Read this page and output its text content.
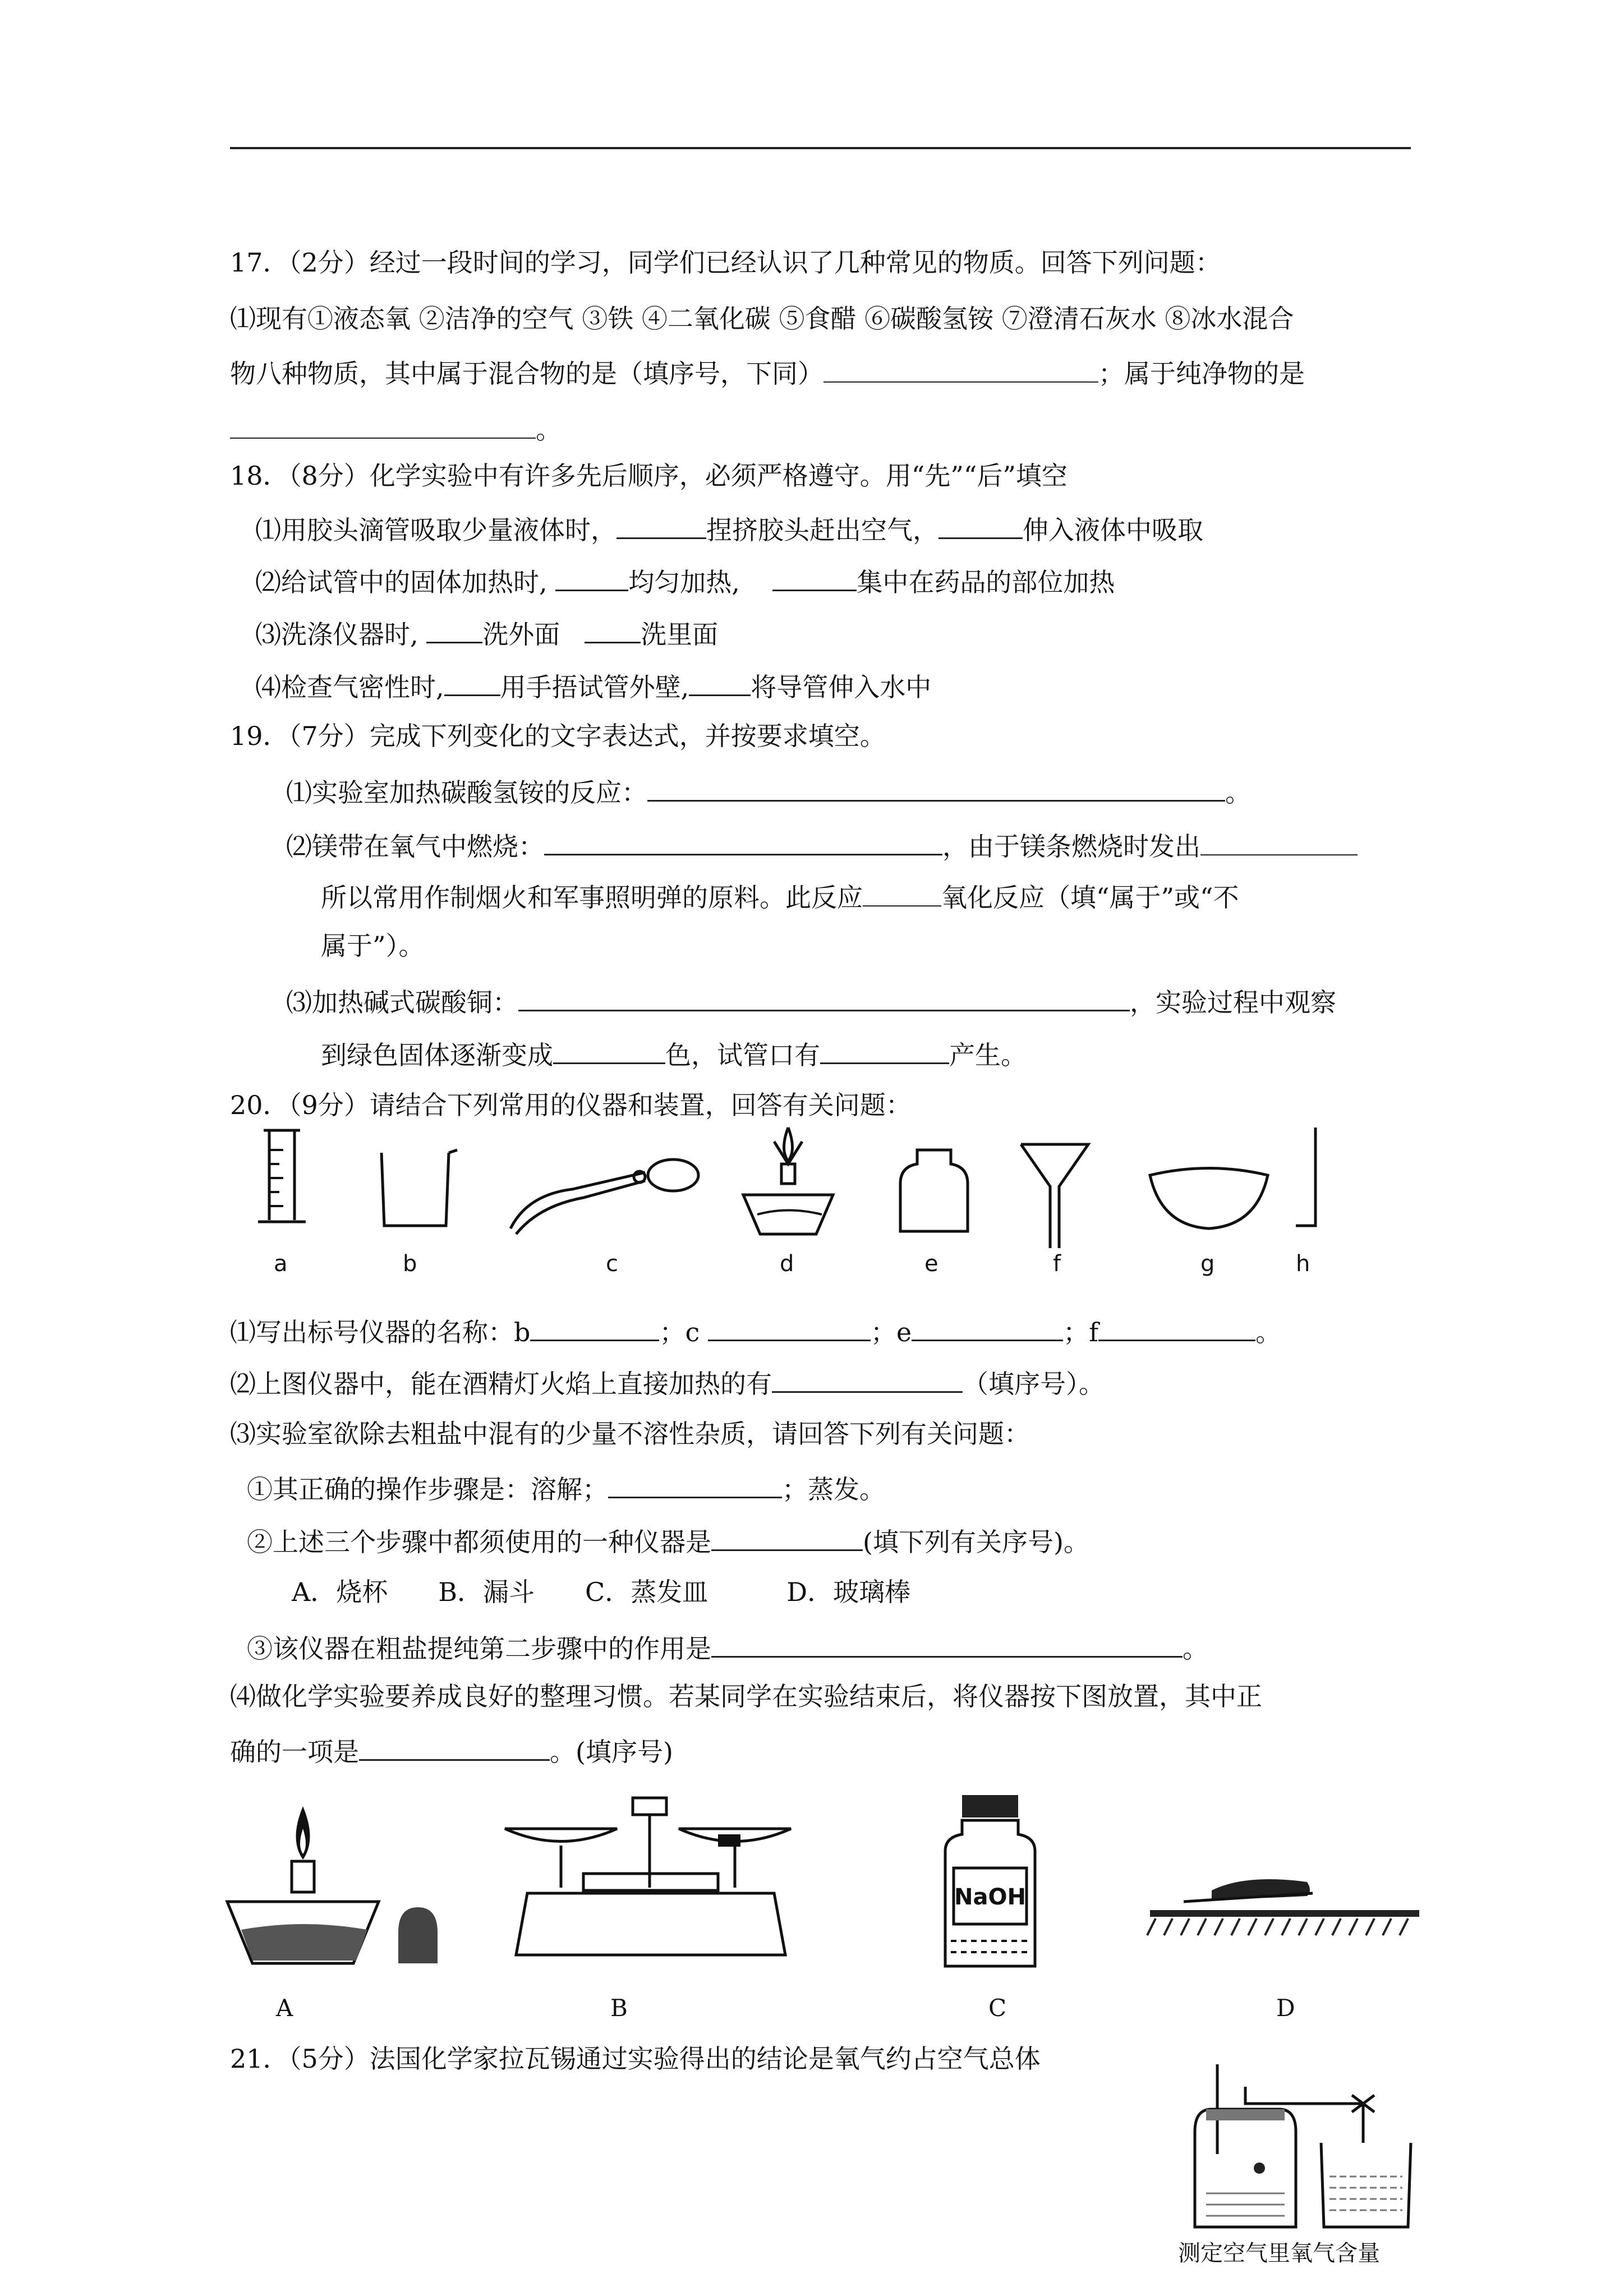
17．（2分）经过一段时间的学习，同学们已经认识了几种常见的物质。回答下列问题：
⑴现有①液态氧 ②洁净的空气 ③铁 ④二氧化碳 ⑤食醋 ⑥碳酸氢铵 ⑦澄清石灰水 ⑧冰水混合
物八种物质，其中属于混合物的是（填序号，下同）	；属于纯净物的是
。
18．（8分）化学实验中有许多先后顺序，必须严格遵守。用“先”“后”填空
⑴用胶头滴管吸取少量液体时，	捏挤胶头赶出空气，	伸入液体中吸取
⑵给试管中的固体加热时,	均匀加热,	集中在药品的部位加热
⑶洗涤仪器时, 洗外面	洗里面
⑷检查气密性时, 用手捂试管外壁, 将导管伸入水中
19．（7分）完成下列变化的文字表达式，并按要求填空。
⑴实验室加热碳酸氢铵的反应：	。
⑵镁带在氧气中燃烧：	，由于镁条燃烧时发出
所以常用作制烟火和军事照明弹的原料。此反应	氧化反应（填“属于”或“不
属于”）。
⑶加热碱式碳酸铜：	，实验过程中观察
到绿色固体逐渐变成	色，试管口有	产生。
20．（9分）请结合下列常用的仪器和装置，回答有关问题：
a	b	c	d	e	f	g	h
⑴写出标号仪器的名称：b	；c	；e	；f	。
⑵上图仪器中，能在酒精灯火焰上直接加热的有	（填序号）。
⑶实验室欲除去粗盐中混有的少量不溶性杂质，请回答下列有关问题：
①其正确的操作步骤是：溶解；	；蒸发。
②上述三个步骤中都须使用的一种仪器是	(填下列有关序号)。
A．烧杯 B．漏斗 C．蒸发皿	D．玻璃棒
③该仪器在粗盐提纯第二步骤中的作用是	。
⑷做化学实验要养成良好的整理习惯。若某同学在实验结束后，将仪器按下图放置，其中正
确的一项是	。(填序号)
NaOH
A	B	C	D
21．（5分）法国化学家拉瓦锡通过实验得出的结论是氧气约占空气总体
测定空气里氧气含量
